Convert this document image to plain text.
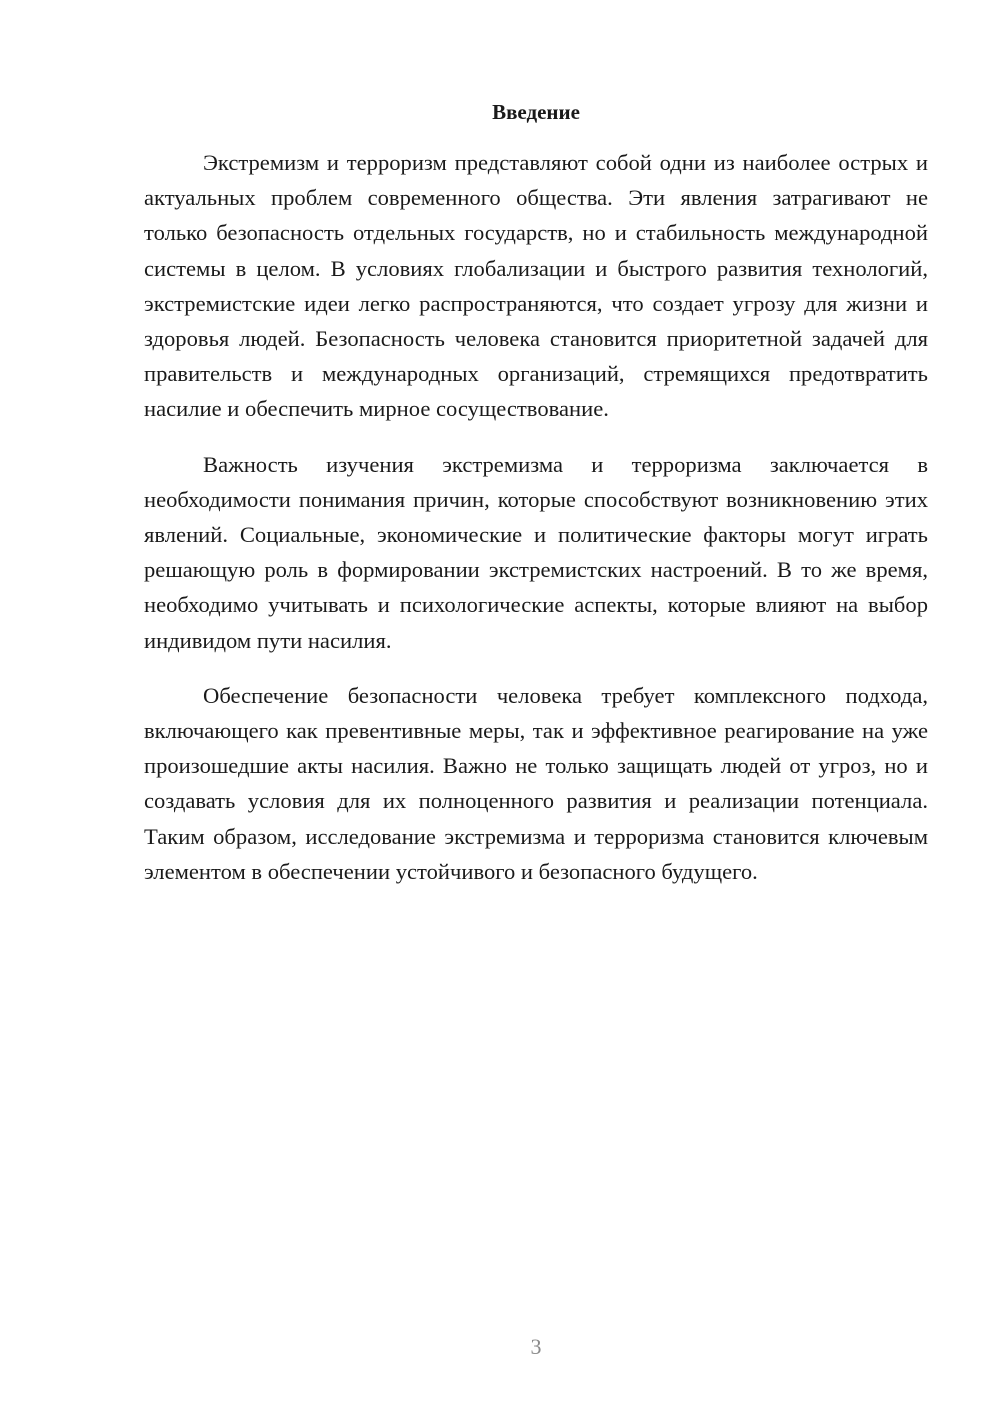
Введение

Экстремизм и терроризм представляют собой одни из наиболее острых и актуальных проблем современного общества. Эти явления затрагивают не только безопасность отдельных государств, но и стабильность международной системы в целом. В условиях глобализации и быстрого развития технологий, экстремистские идеи легко распространяются, что создает угрозу для жизни и здоровья людей. Безопасность человека становится приоритетной задачей для правительств и международных организаций, стремящихся предотвратить насилие и обеспечить мирное сосуществование.

Важность изучения экстремизма и терроризма заключается в необходимости понимания причин, которые способствуют возникновению этих явлений. Социальные, экономические и политические факторы могут играть решающую роль в формировании экстремистских настроений. В то же время, необходимо учитывать и психологические аспекты, которые влияют на выбор индивидом пути насилия.

Обеспечение безопасности человека требует комплексного подхода, включающего как превентивные меры, так и эффективное реагирование на уже произошедшие акты насилия. Важно не только защищать людей от угроз, но и создавать условия для их полноценного развития и реализации потенциала. Таким образом, исследование экстремизма и терроризма становится ключевым элементом в обеспечении устойчивого и безопасного будущего.

3
